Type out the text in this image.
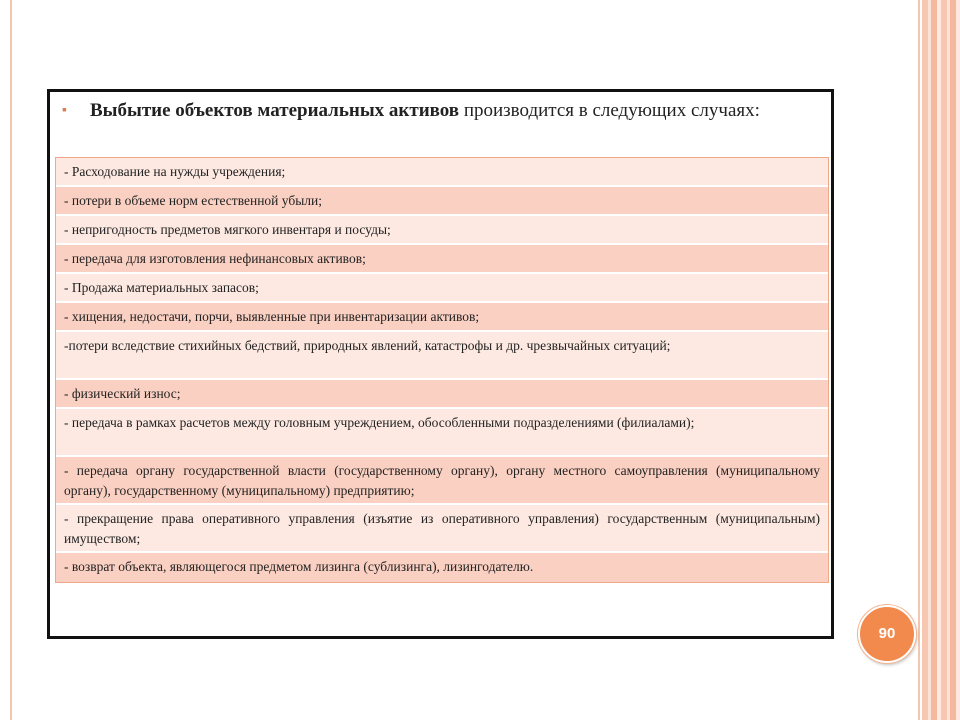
▪	Выбытие объектов материальных активов производится в следующих случаях:
- Расходование на нужды учреждения;
- потери в объеме норм естественной убыли;
- непригодность предметов мягкого инвентаря и посуды;
- передача для изготовления нефинансовых активов;
- Продажа материальных запасов;
- хищения, недостачи, порчи, выявленные при инвентаризации активов;
-потери вследствие стихийных бедствий, природных явлений, катастрофы и др. чрезвычайных ситуаций;
- физический износ;
- передача в рамках расчетов между головным учреждением, обособленными подразделениями (филиалами);
- передача органу государственной власти (государственному органу), органу местного самоуправления (муниципальному органу), государственному (муниципальному) предприятию;
- прекращение права оперативного управления (изъятие из оперативного управления) государственным (муниципальным) имуществом;
- возврат объекта, являющегося предметом лизинга (сублизинга), лизингодателю.
90
